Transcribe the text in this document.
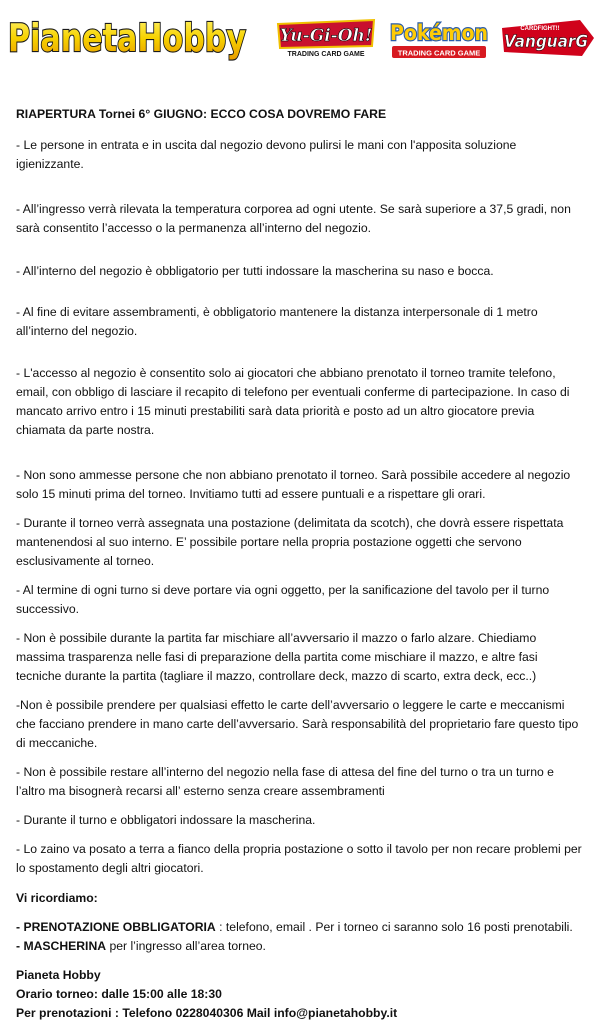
PianetaHobby Yu-Gi-Oh!
TRADING CARD GAME
Pokémon
TRADING CARD GAME
CARDFIGHT!!
VanguarG

RIAPERTURA Tornei 6° GIUGNO: ECCO COSA DOVREMO FARE

- Le persone in entrata e in uscita dal negozio devono pulirsi le mani con l'apposita soluzione igienizzante.

- All’ingresso verrà rilevata la temperatura corporea ad ogni utente. Se sarà superiore a 37,5 gradi, non sarà consentito l’accesso o la permanenza all’interno del negozio.

- All’interno del negozio è obbligatorio per tutti indossare la mascherina su naso e bocca.

- Al fine di evitare assembramenti, è obbligatorio mantenere la distanza interpersonale di 1 metro all’interno del negozio.

- L'accesso al negozio è consentito solo ai giocatori che abbiano prenotato il torneo tramite telefono, email, con obbligo di lasciare il recapito di telefono per eventuali conferme di partecipazione. In caso di mancato arrivo entro i 15 minuti prestabiliti sarà data priorità e posto ad un altro giocatore previa chiamata da parte nostra.

- Non sono ammesse persone che non abbiano prenotato il torneo. Sarà possibile accedere al negozio solo 15 minuti prima del torneo. Invitiamo tutti ad essere puntuali e a rispettare gli orari.

- Durante il torneo verrà assegnata una postazione (delimitata da scotch), che dovrà essere rispettata mantenendosi al suo interno. E’ possibile portare nella propria postazione oggetti che servono esclusivamente al torneo.

- Al termine di ogni turno si deve portare via ogni oggetto, per la sanificazione del tavolo per il turno successivo.

- Non è possibile durante la partita far mischiare all’avversario il mazzo o farlo alzare. Chiediamo massima trasparenza nelle fasi di preparazione della partita come mischiare il mazzo, e altre fasi tecniche durante la partita (tagliare il mazzo, controllare deck, mazzo di scarto, extra deck, ecc..)

-Non è possibile prendere per qualsiasi effetto le carte dell’avversario o leggere le carte e meccanismi che facciano prendere in mano carte dell’avversario. Sarà responsabilità del proprietario fare questo tipo di meccaniche.

- Non è possibile restare all’interno del negozio nella fase di attesa del fine del turno o tra un turno e l’altro ma bisognerà recarsi all’ esterno senza creare assembramenti

- Durante il turno e obbligatori indossare la mascherina.

- Lo zaino va posato a terra a fianco della propria postazione o sotto il tavolo per non recare problemi per lo spostamento degli altri giocatori.

Vi ricordiamo:

- PRENOTAZIONE OBBLIGATORIA : telefono, email . Per i torneo ci saranno solo 16 posti prenotabili.

- MASCHERINA per l’ingresso all’area torneo.

Pianeta Hobby

Orario torneo: dalle 15:00 alle 18:30

Per prenotazioni : Telefono 0228040306 Mail info@pianetahobby.it
